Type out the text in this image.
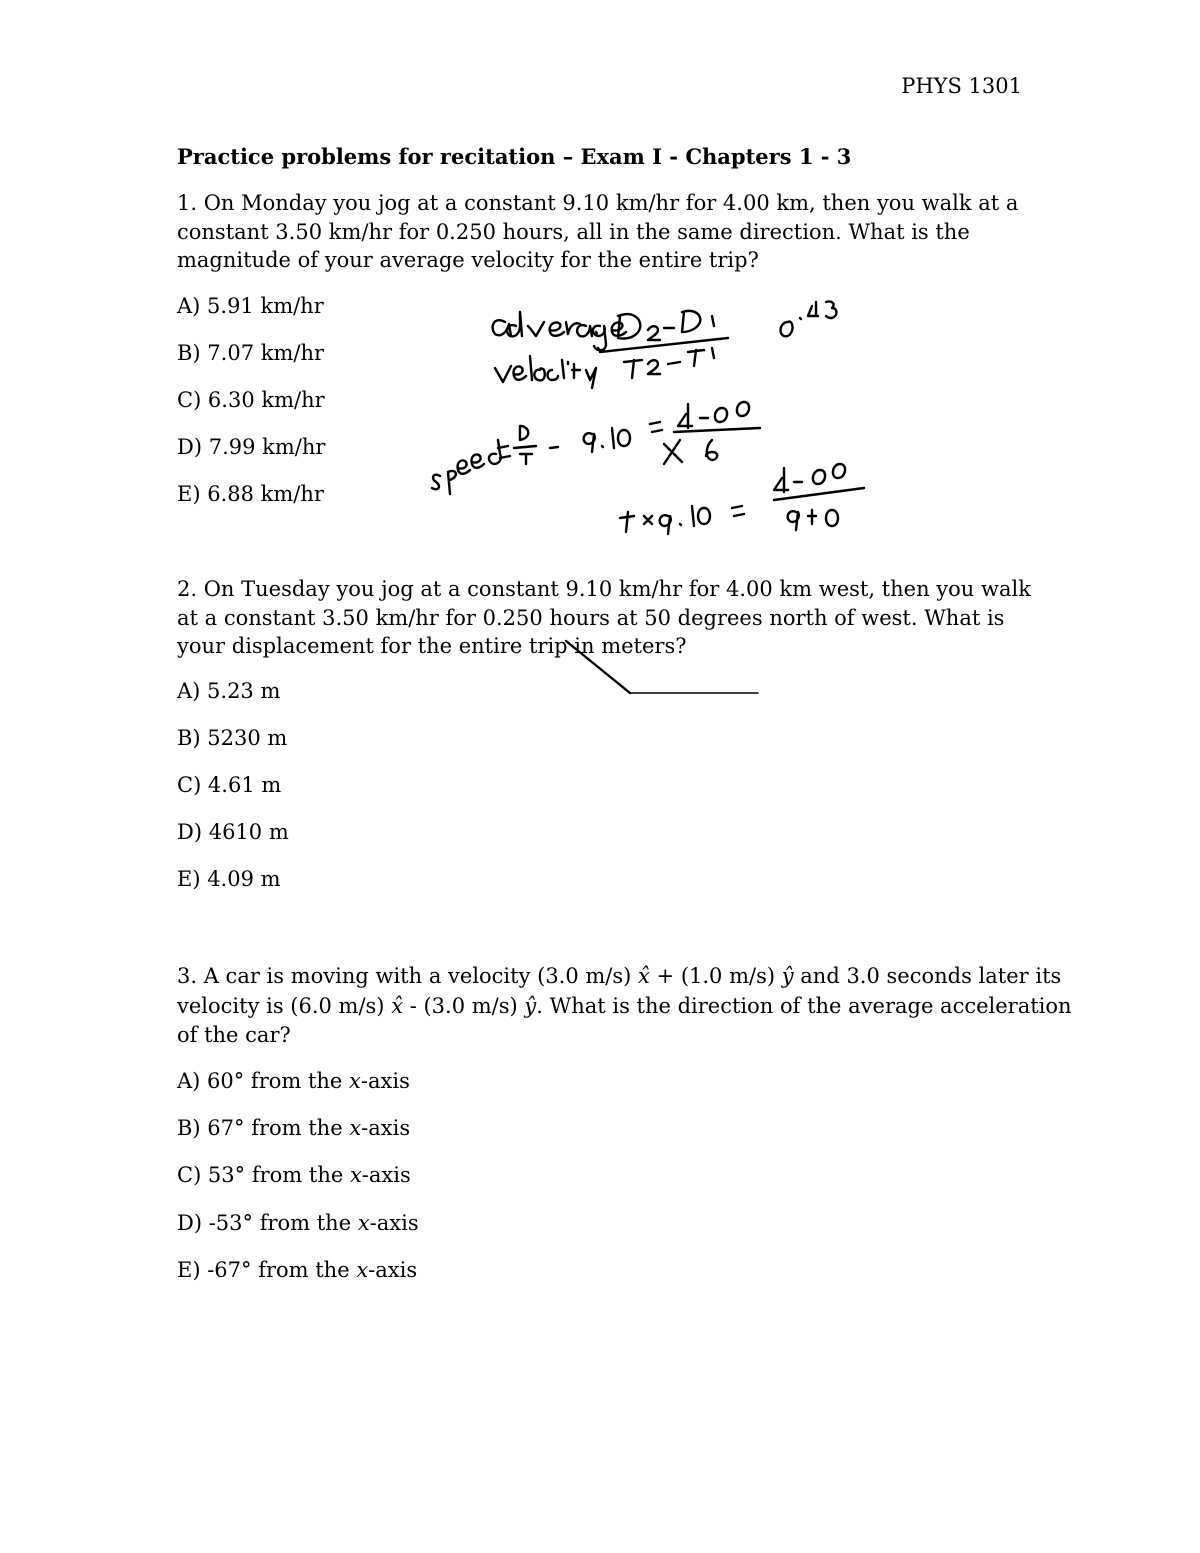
PHYS 1301
Practice problems for recitation – Exam I - Chapters 1 - 3
1. On Monday you jog at a constant 9.10 km/hr for 4.00 km, then you walk at a constant 3.50 km/hr for 0.250 hours, all in the same direction. What is the magnitude of your average velocity for the entire trip?
A) 5.91 km/hr
B) 7.07 km/hr
C) 6.30 km/hr
D) 7.99 km/hr
E) 6.88 km/hr
2. On Tuesday you jog at a constant 9.10 km/hr for 4.00 km west, then you walk at a constant 3.50 km/hr for 0.250 hours at 50 degrees north of west. What is your displacement for the entire trip in meters?
A) 5.23 m
B) 5230 m
C) 4.61 m
D) 4610 m
E) 4.09 m
3. A car is moving with a velocity (3.0 m/s) x̂ + (1.0 m/s) ŷ and 3.0 seconds later its
velocity is (6.0 m/s) x̂ - (3.0 m/s) ŷ. What is the direction of the average acceleration
of the car?
A) 60° from the x-axis
B) 67° from the x-axis
C) 53° from the x-axis
D) -53° from the x-axis
E) -67° from the x-axis
